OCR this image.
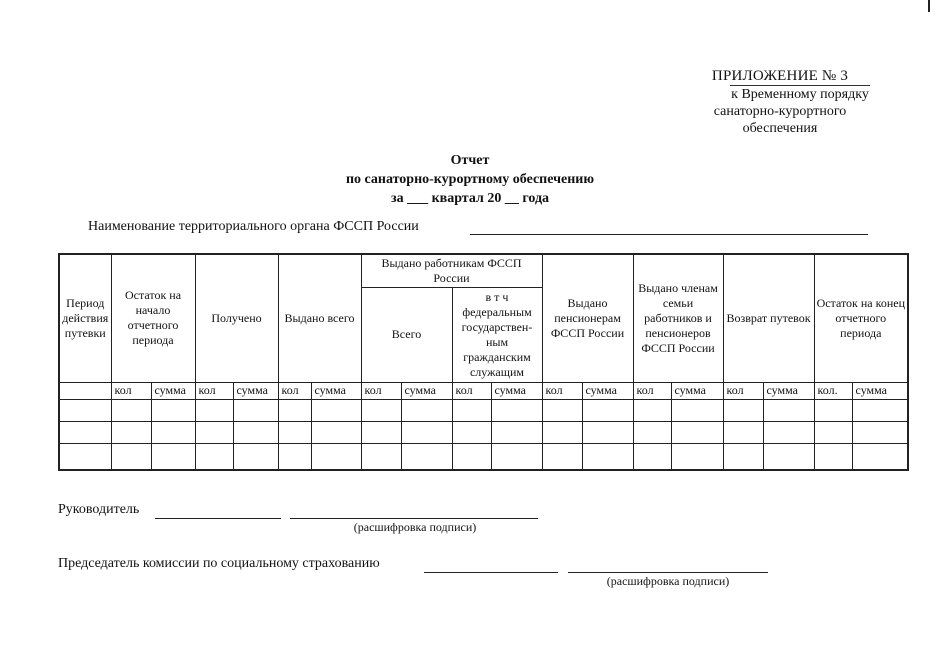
ПРИЛОЖЕНИЕ № 3
к Временному порядку
санаторно-курортного
обеспечения
Отчет
по санаторно-курортному обеспечению
за ___ квартал 20 __ года
Наименование территориального органа ФССП России
Период действия путевки	Остаток на начало отчетного периода		Получено		Выдано всего		Выдано работникам ФССП России				Выдано пенсионерам ФССП России		Выдано членам семьи работников и пенсионеров ФССП России		Возврат путевок		Остаток на конец отчетного периода	
							Всего		в т ч федеральным государствен-ным гражданским служащим									

	кол	сумма	кол	сумма	кол	сумма	кол	сумма	кол	сумма	кол	сумма	кол	сумма	кол	сумма	кол.	сумма

Руководитель
(расшифровка подписи)
Председатель комиссии по социальному страхованию
(расшифровка подписи)
